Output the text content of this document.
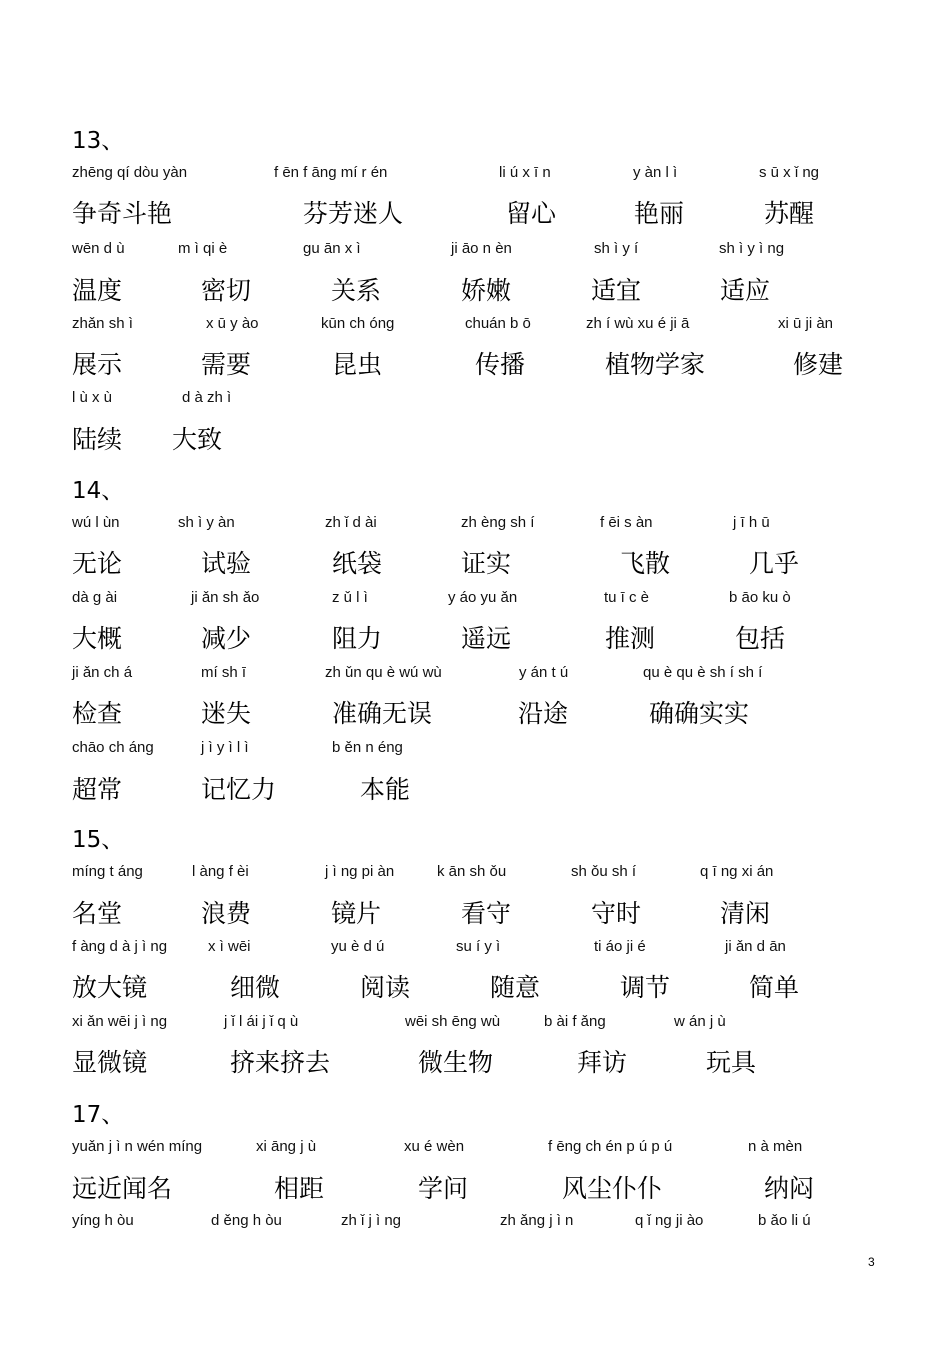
13、
zhēng qí dòu yàn	f ēn f āng mí r én	li ú x ī n	y àn l ì	s ū x ǐ ng
争奇斗艳	芬芳迷人	留心	艳丽	苏醒
wēn d ù	m ì qi è	gu ān x ì	ji āo n èn	sh ì y í	sh ì y ì ng
温度	密切	关系	娇嫩	适宜	适应
zhǎn sh ì	x ū y ào	kūn ch óng	chuán b ō	zh í wù xu é ji ā	xi ū ji àn
展示	需要	昆虫	传播	植物学家	修建
l ù x ù	d à zh ì
陆续 大致
14、
wú l ùn	sh ì y àn	zh ǐ d ài	zh èng sh í	f ēi s àn	j ī h ū
无论	试验	纸袋	证实	飞散	几乎
dà g ài	ji ǎn sh ǎo	z ǔ l ì	y áo yu ǎn	tu ī c è	b āo ku ò
大概	减少	阻力	遥远	推测	包括
ji ǎn ch á	mí sh ī	zh ǔn qu è wú wù	y án t ú	qu è qu è sh í sh í
检查	迷失	准确无误	沿途	确确实实
chāo ch áng	j ì y ì l ì	b ěn n éng
超常	记忆力	本能
15、
míng t áng	l àng f èi	j ì ng pi àn	k ān sh ǒu	sh ǒu sh í	q ī ng xi án
名堂	浪费	镜片	看守	守时	清闲
f àng d à j ì ng	x ì wēi	yu è d ú	su í y ì	ti áo ji é	ji ǎn d ān
放大镜	细微	阅读	随意	调节	简单
xi ǎn wēi j ì ng	j ǐ l ái j ǐ q ù	wēi sh ēng wù	b ài f ǎng	w án j ù
显微镜	挤来挤去	微生物	拜访	玩具
17、
yuǎn j ì n wén míng	xi āng j ù	xu é wèn	f ēng ch én p ú p ú	n à mèn
远近闻名	相距	学问	风尘仆仆	纳闷
yíng h òu	d ěng h òu	zh ǐ j ì ng	zh ǎng j ì n	q ǐ ng ji ào	b ǎo li ú
3
